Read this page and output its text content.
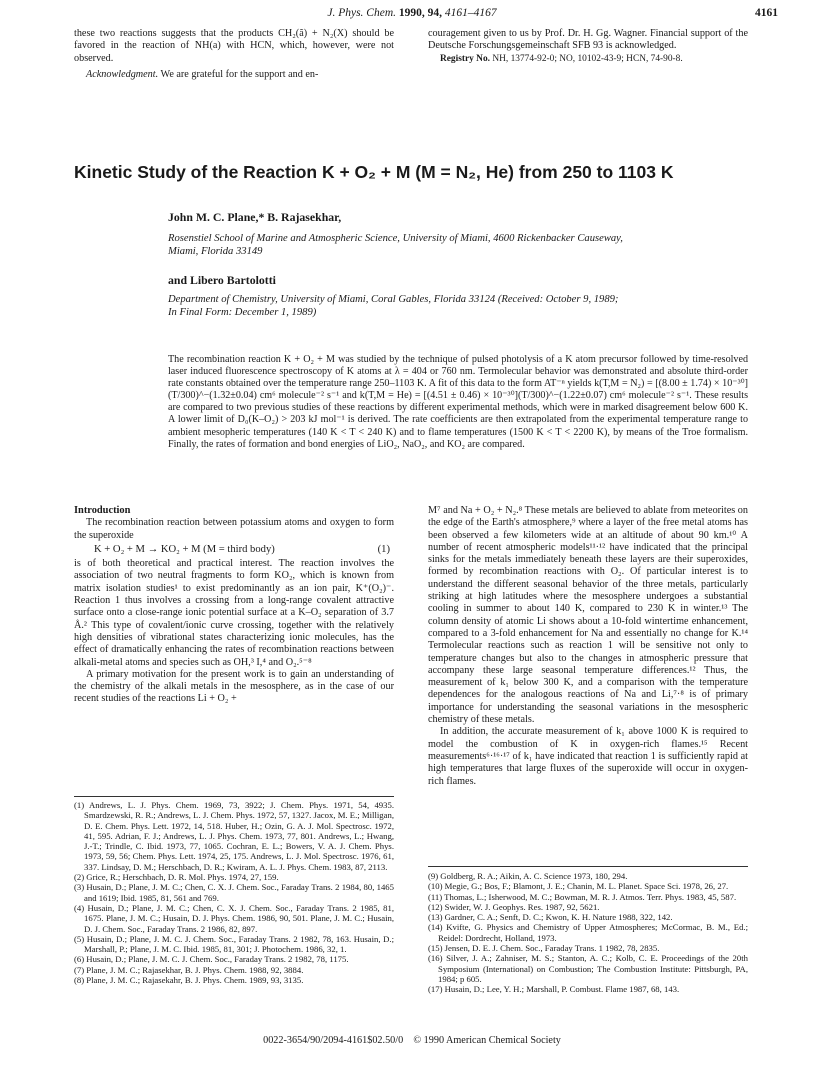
J. Phys. Chem. 1990, 94, 4161–4167	4161

these two reactions suggests that the products CH₂(ã) + N₂(X) should be favored in the reaction of NH(a) with HCN, which, however, were not observed.

Acknowledgment. We are grateful for the support and en-

couragement given to us by Prof. Dr. H. Gg. Wagner. Financial support of the Deutsche Forschungsgemeinschaft SFB 93 is acknowledged.

Registry No. NH, 13774-92-0; NO, 10102-43-9; HCN, 74-90-8.

Kinetic Study of the Reaction K + O₂ + M (M = N₂, He) from 250 to 1103 K
John M. C. Plane,* B. Rajasekhar,
Rosenstiel School of Marine and Atmospheric Science, University of Miami, 4600 Rickenbacker Causeway,
Miami, Florida 33149
and Libero Bartolotti
Department of Chemistry, University of Miami, Coral Gables, Florida 33124 (Received: October 9, 1989;
In Final Form: December 1, 1989)

The recombination reaction K + O₂ + M was studied by the technique of pulsed photolysis of a K atom precursor followed by time-resolved laser induced fluorescence spectroscopy of K atoms at λ = 404 or 760 nm. Termolecular behavior was demonstrated and absolute third-order rate constants obtained over the temperature range 250–1103 K. A fit of this data to the form AT⁻ⁿ yields k(T,M = N₂) = [(8.00 ± 1.74) × 10⁻³⁰](T/300)^−(1.32±0.04) cm⁶ molecule⁻² s⁻¹ and k(T,M = He) = [(4.51 ± 0.46) × 10⁻³⁰](T/300)^−(1.22±0.07) cm⁶ molecule⁻² s⁻¹. These results are compared to two previous studies of these reactions by different experimental methods, which were in marked disagreement below 600 K. A lower limit of D₀(K–O₂) > 203 kJ mol⁻¹ is derived. The rate coefficients are then extrapolated from the experimental temperature range to ambient mesopheric temperatures (140 K < T < 240 K) and to flame temperatures (1500 K < T < 2200 K), by means of the Troe formalism. Finally, the rates of formation and bond energies of LiO₂, NaO₂, and KO₂ are compared.

Introduction

The recombination reaction between potassium atoms and oxygen to form the superoxide

K + O₂ + M → KO₂ + M (M = third body)	(1)

is of both theoretical and practical interest. The reaction involves the association of two neutral fragments to form KO₂, which is known from matrix isolation studies¹ to exist predominantly as an ion pair, K⁺(O₂)⁻. Reaction 1 thus involves a crossing from a long-range covalent attractive surface onto a close-range ionic potential surface at a K–O₂ separation of 3.7 Å.² This type of covalent/ionic curve crossing, together with the relatively high densities of vibrational states characterizing ionic molecules, has the effect of dramatically enhancing the rates of recombination reactions between alkali-metal atoms and species such as OH,³ I,⁴ and O₂.⁵⁻⁸

A primary motivation for the present work is to gain an understanding of the chemistry of the alkali metals in the mesosphere, as in the case of our recent studies of the reactions Li + O₂ +

M⁷ and Na + O₂ + N₂.⁸ These metals are believed to ablate from meteorites on the edge of the Earth's atmosphere,⁹ where a layer of the free metal atoms has been observed a few kilometers wide at an altitude of about 90 km.¹⁰ A number of recent atmospheric models¹¹·¹² have indicated that the principal sinks for the metals immediately beneath these layers are their superoxides, formed by recombination reactions with O₂. Of particular interest is to understand the different seasonal behavior of the three metals, particularly striking at high latitudes where the mesosphere undergoes a substantial cooling in summer to about 140 K, compared to 230 K in winter.¹³ The column density of atomic Li shows about a 10-fold wintertime enhancement, compared to a 3-fold enhancement for Na and essentially no change for K.¹⁴ Termolecular reactions such as reaction 1 will be sensitive not only to temperature changes but also to the changes in atmospheric pressure that accompany these large seasonal temperature differences.¹² Thus, the measurement of k₁ below 300 K, and a comparison with the temperature dependences for the analogous reactions of Na and Li,⁷·⁸ is of primary importance for understanding the seasonal variations in the mesospheric chemistry of these metals.

In addition, the accurate measurement of k₁ above 1000 K is required to model the combustion of K in oxygen-rich flames.¹⁵ Recent measurements⁶·¹⁶·¹⁷ of k₁ have indicated that reaction 1 is sufficiently rapid at high temperatures that large fluxes of the superoxide will occur in oxygen-rich flames.

(1) Andrews, L. J. Phys. Chem. 1969, 73, 3922; J. Chem. Phys. 1971, 54, 4935. Smardzewski, R. R.; Andrews, L. J. Chem. Phys. 1972, 57, 1327. Jacox, M. E.; Milligan, D. E. Chem. Phys. Lett. 1972, 14, 518. Huber, H.; Ozin, G. A. J. Mol. Spectrosc. 1972, 41, 595. Adrian, F. J.; Andrews, L. J. Phys. Chem. 1973, 77, 801. Andrews, L.; Hwang, J.-T.; Trindle, C. Ibid. 1973, 77, 1065. Cochran, E. L.; Bowers, V. A. J. Chem. Phys. 1973, 59, 56; Chem. Phys. Lett. 1974, 25, 175. Andrews, L. J. Mol. Spectrosc. 1976, 61, 337. Lindsay, D. M.; Herschbach, D. R.; Kwiram, A. L. J. Phys. Chem. 1983, 87, 2113.

(2) Grice, R.; Herschbach, D. R. Mol. Phys. 1974, 27, 159.

(3) Husain, D.; Plane, J. M. C.; Chen, C. X. J. Chem. Soc., Faraday Trans. 2 1984, 80, 1465 and 1619; Ibid. 1985, 81, 561 and 769.

(4) Husain, D.; Plane, J. M. C.; Chen, C. X. J. Chem. Soc., Faraday Trans. 2 1985, 81, 1675. Plane, J. M. C.; Husain, D. J. Phys. Chem. 1986, 90, 501. Plane, J. M. C.; Husain, D. J. Chem. Soc., Faraday Trans. 2 1986, 82, 897.

(5) Husain, D.; Plane, J. M. C. J. Chem. Soc., Faraday Trans. 2 1982, 78, 163. Husain, D.; Marshall, P.; Plane, J. M. C. Ibid. 1985, 81, 301; J. Photochem. 1986, 32, 1.

(6) Husain, D.; Plane, J. M. C. J. Chem. Soc., Faraday Trans. 2 1982, 78, 1175.

(7) Plane, J. M. C.; Rajasekhar, B. J. Phys. Chem. 1988, 92, 3884.

(8) Plane, J. M. C.; Rajasekahr, B. J. Phys. Chem. 1989, 93, 3135.

(9) Goldberg, R. A.; Aikin, A. C. Science 1973, 180, 294.

(10) Megie, G.; Bos, F.; Blamont, J. E.; Chanin, M. L. Planet. Space Sci. 1978, 26, 27.

(11) Thomas, L.; Isherwood, M. C.; Bowman, M. R. J. Atmos. Terr. Phys. 1983, 45, 587.

(12) Swider, W. J. Geophys. Res. 1987, 92, 5621.

(13) Gardner, C. A.; Senft, D. C.; Kwon, K. H. Nature 1988, 322, 142.

(14) Kvifte, G. Physics and Chemistry of Upper Atmospheres; McCormac, B. M., Ed.; Reidel: Dordrecht, Holland, 1973.

(15) Jensen, D. E. J. Chem. Soc., Faraday Trans. 1 1982, 78, 2835.

(16) Silver, J. A.; Zahniser, M. S.; Stanton, A. C.; Kolb, C. E. Proceedings of the 20th Symposium (International) on Combustion; The Combustion Institute: Pittsburgh, PA, 1984; p 605.

(17) Husain, D.; Lee, Y. H.; Marshall, P. Combust. Flame 1987, 68, 143.

0022-3654/90/2094-4161$02.50/0 © 1990 American Chemical Society
